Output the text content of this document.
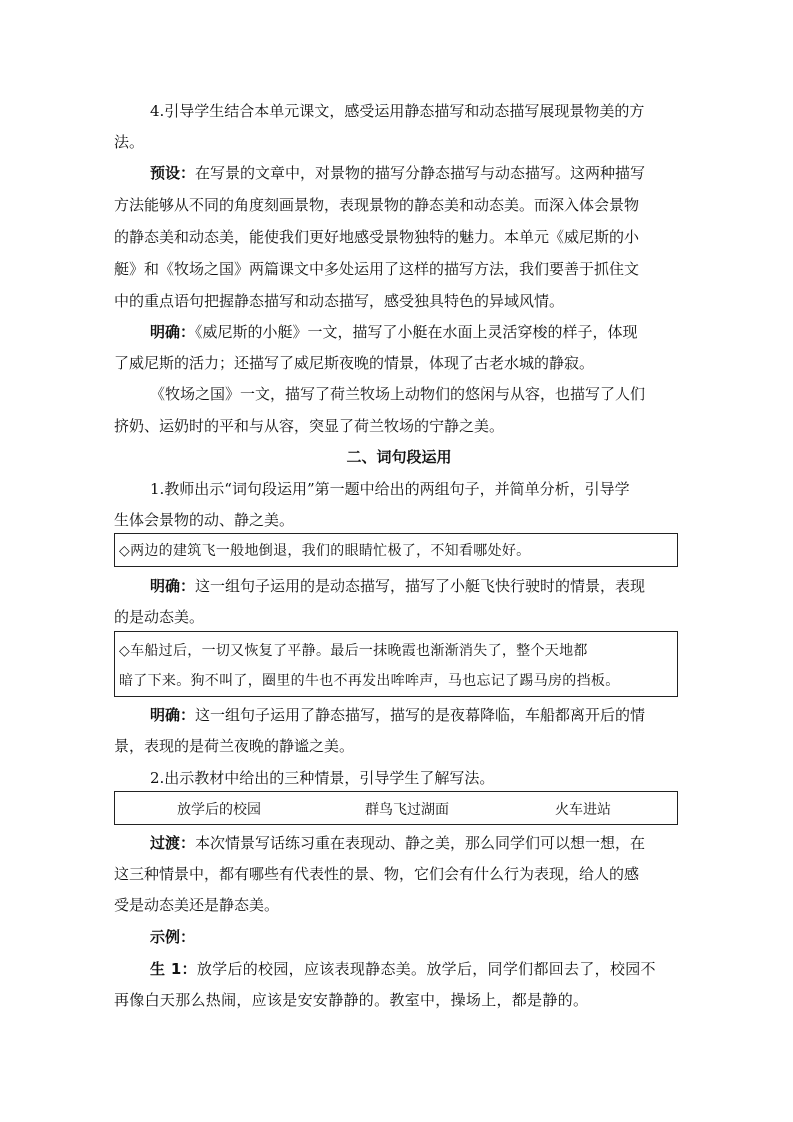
4.引导学生结合本单元课文，感受运用静态描写和动态描写展现景物美的方
法。
预设：在写景的文章中，对景物的描写分静态描写与动态描写。这两种描写
方法能够从不同的角度刻画景物，表现景物的静态美和动态美。而深入体会景物
的静态美和动态美，能使我们更好地感受景物独特的魅力。本单元《威尼斯的小
艇》和《牧场之国》两篇课文中多处运用了这样的描写方法，我们要善于抓住文
中的重点语句把握静态描写和动态描写，感受独具特色的异域风情。
明确：《威尼斯的小艇》一文，描写了小艇在水面上灵活穿梭的样子，体现
了威尼斯的活力；还描写了威尼斯夜晚的情景，体现了古老水城的静寂。
《牧场之国》一文，描写了荷兰牧场上动物们的悠闲与从容，也描写了人们
挤奶、运奶时的平和与从容，突显了荷兰牧场的宁静之美。
二、词句段运用
1.教师出示“词句段运用”第一题中给出的两组句子，并简单分析，引导学
生体会景物的动、静之美。
◇两边的建筑飞一般地倒退，我们的眼睛忙极了，不知看哪处好。
明确：这一组句子运用的是动态描写，描写了小艇飞快行驶时的情景，表现
的是动态美。
◇车船过后，一切又恢复了平静。最后一抹晚霞也渐渐消失了，整个天地都
暗了下来。狗不叫了，圈里的牛也不再发出哞哞声，马也忘记了踢马房的挡板。
明确：这一组句子运用了静态描写，描写的是夜幕降临，车船都离开后的情
景，表现的是荷兰夜晚的静谧之美。
2.出示教材中给出的三种情景，引导学生了解写法。
放学后的校园	群鸟飞过湖面	火车进站
过渡：本次情景写话练习重在表现动、静之美，那么同学们可以想一想，在
这三种情景中，都有哪些有代表性的景、物，它们会有什么行为表现，给人的感
受是动态美还是静态美。
示例：
生 1：放学后的校园，应该表现静态美。放学后，同学们都回去了，校园不
再像白天那么热闹，应该是安安静静的。教室中，操场上，都是静的。
